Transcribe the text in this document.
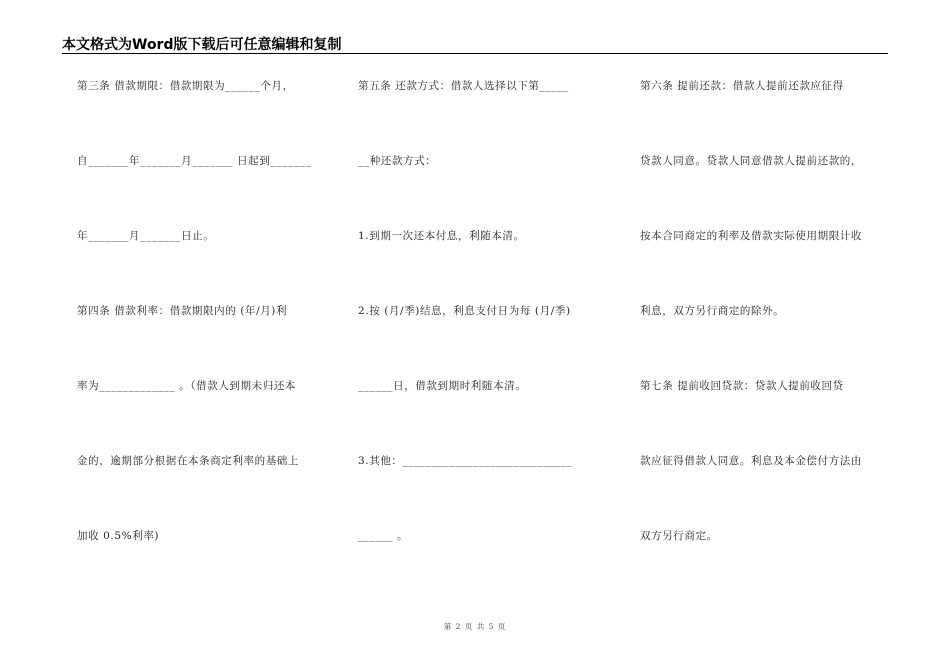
本文格式为Word版下载后可任意编辑和复制
第三条 借款期限：借款期限为______个月，
自_______年_______月_______ 日起到_______
年_______月_______日止。
第四条 借款利率：借款期限内的 (年/月)利
率为_____________ 。（借款人到期未归还本
金的，逾期部分根据在本条商定利率的基础上
加收 0.5%利率)
第五条 还款方式：借款人选择以下第_____
__种还款方式：
1.到期一次还本付息，利随本清。
2.按 (月/季)结息，利息支付日为每 (月/季)
______日，借款到期时利随本清。
3.其他：_____________________________
______ 。
第六条 提前还款：借款人提前还款应征得
贷款人同意。贷款人同意借款人提前还款的，
按本合同商定的利率及借款实际使用期限计收
利息，双方另行商定的除外。
第七条 提前收回贷款：贷款人提前收回贷
款应征得借款人同意。利息及本金偿付方法由
双方另行商定。
第 2 页 共 5 页
